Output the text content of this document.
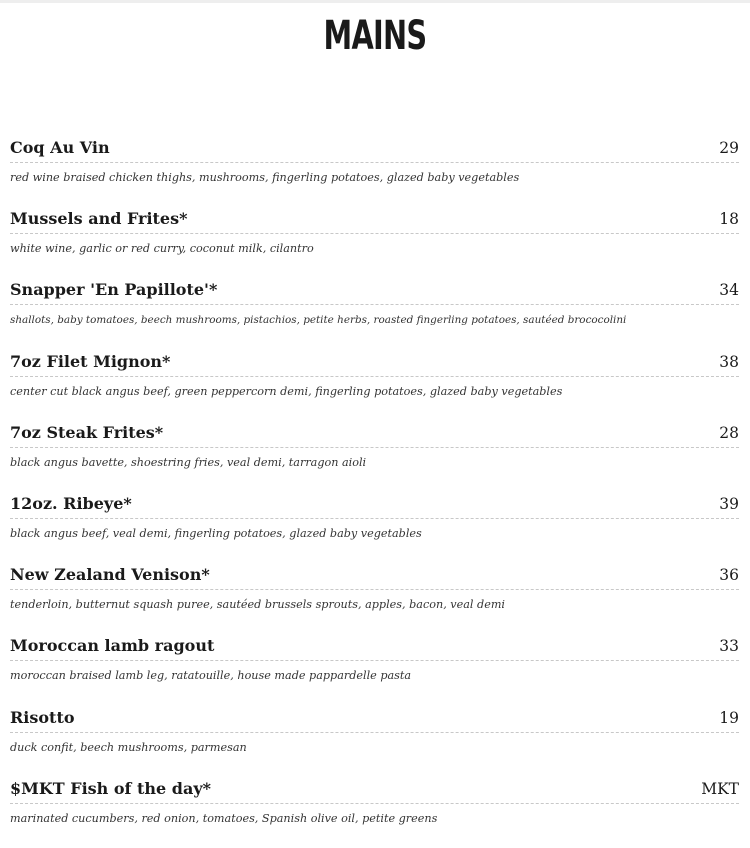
MAINS
Coq Au Vin	29
red wine braised chicken thighs, mushrooms, fingerling potatoes, glazed baby vegetables
Mussels and Frites*	18
white wine, garlic or red curry, coconut milk, cilantro
Snapper 'En Papillote'*	34
shallots, baby tomatoes, beech mushrooms, pistachios, petite herbs, roasted fingerling potatoes, sautéed brococolini
7oz Filet Mignon*	38
center cut black angus beef, green peppercorn demi, fingerling potatoes, glazed baby vegetables
7oz Steak Frites*	28
black angus bavette, shoestring fries, veal demi, tarragon aioli
12oz. Ribeye*	39
black angus beef, veal demi, fingerling potatoes, glazed baby vegetables
New Zealand Venison*	36
tenderloin, butternut squash puree, sautéed brussels sprouts, apples, bacon, veal demi
Moroccan lamb ragout	33
moroccan braised lamb leg, ratatouille, house made pappardelle pasta
Risotto	19
duck confit, beech mushrooms, parmesan
$MKT Fish of the day*	MKT
marinated cucumbers, red onion, tomatoes, Spanish olive oil, petite greens
